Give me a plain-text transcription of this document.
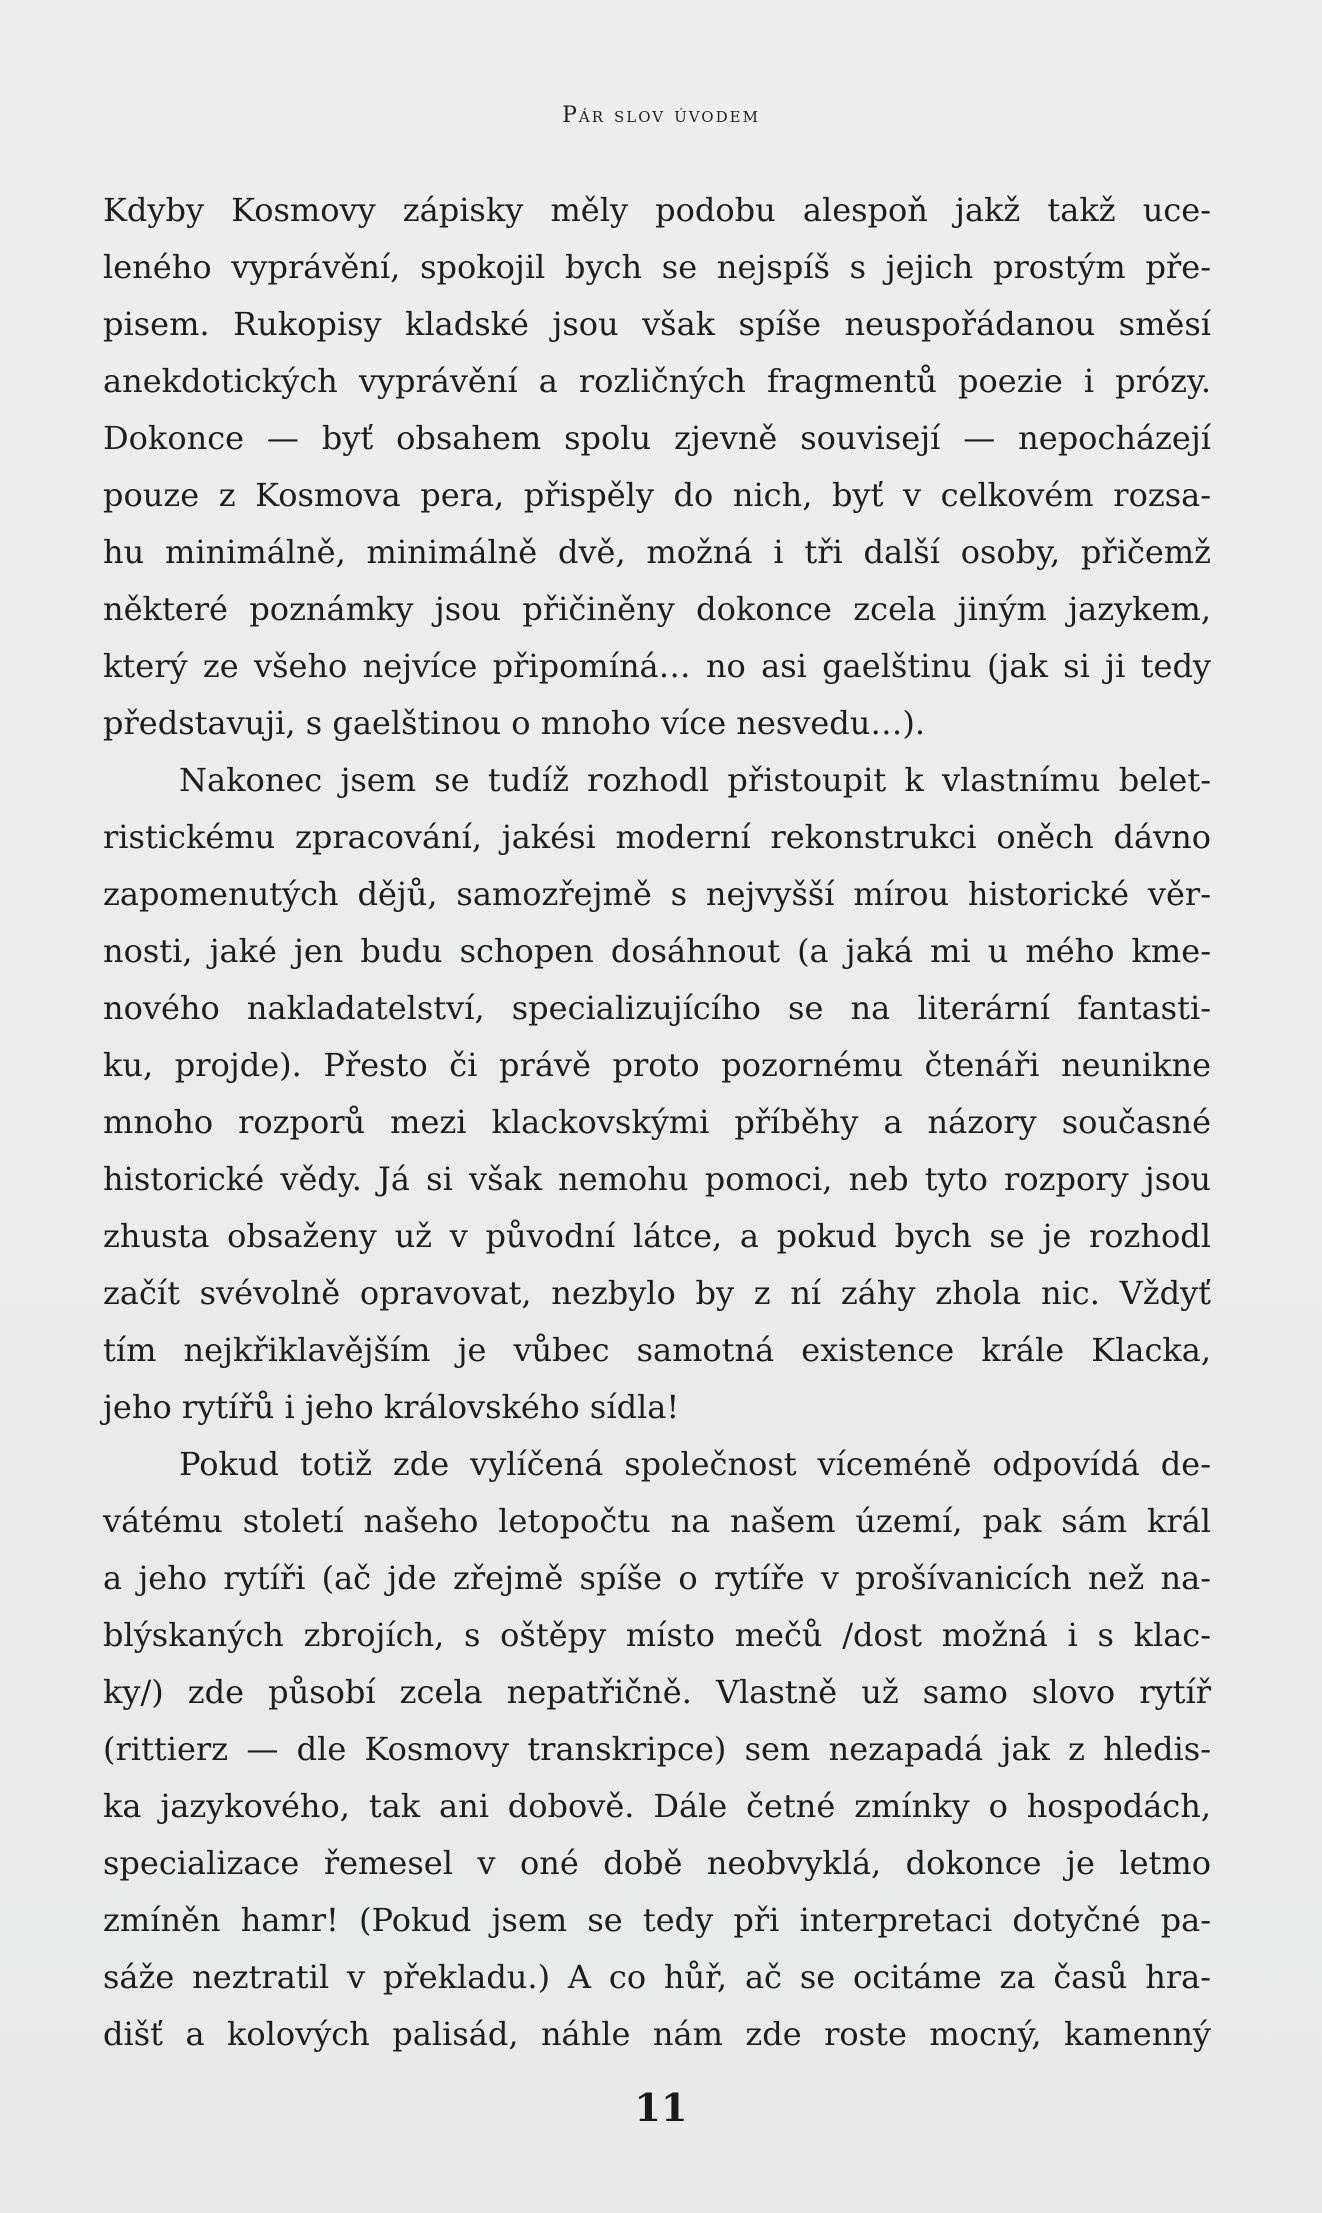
Pár slov úvodem
Kdyby Kosmovy zápisky měly podobu alespoň jakž takž uce-
leného vyprávění, spokojil bych se nejspíš s jejich prostým pře-
pisem. Rukopisy kladské jsou však spíše neuspořádanou směsí
anekdotických vyprávění a rozličných fragmentů poezie i prózy.
Dokonce — byť obsahem spolu zjevně souvisejí — nepocházejí
pouze z Kosmova pera, přispěly do nich, byť v celkovém rozsa-
hu minimálně, minimálně dvě, možná i tři další osoby, přičemž
některé poznámky jsou přičiněny dokonce zcela jiným jazykem,
který ze všeho nejvíce připomíná… no asi gaelštinu (jak si ji tedy
představuji, s gaelštinou o mnoho více nesvedu…).
Nakonec jsem se tudíž rozhodl přistoupit k vlastnímu belet-
ristickému zpracování, jakési moderní rekonstrukci oněch dávno
zapomenutých dějů, samozřejmě s nejvyšší mírou historické věr-
nosti, jaké jen budu schopen dosáhnout (a jaká mi u mého kme-
nového nakladatelství, specializujícího se na literární fantasti-
ku, projde). Přesto či právě proto pozornému čtenáři neunikne
mnoho rozporů mezi klackovskými příběhy a názory současné
historické vědy. Já si však nemohu pomoci, neb tyto rozpory jsou
zhusta obsaženy už v původní látce, a pokud bych se je rozhodl
začít svévolně opravovat, nezbylo by z ní záhy zhola nic. Vždyť
tím nejkřiklavějším je vůbec samotná existence krále Klacka,
jeho rytířů i jeho královského sídla!
Pokud totiž zde vylíčená společnost víceméně odpovídá de-
vátému století našeho letopočtu na našem území, pak sám král
a jeho rytíři (ač jde zřejmě spíše o rytíře v prošívanicích než na-
blýskaných zbrojích, s oštěpy místo mečů /dost možná i s klac-
ky/) zde působí zcela nepatřičně. Vlastně už samo slovo rytíř
(rittierz — dle Kosmovy transkripce) sem nezapadá jak z hledis-
ka jazykového, tak ani dobově. Dále četné zmínky o hospodách,
specializace řemesel v oné době neobvyklá, dokonce je letmo
zmíněn hamr! (Pokud jsem se tedy při interpretaci dotyčné pa-
sáže neztratil v překladu.) A co hůř, ač se ocitáme za časů hra-
dišť a kolových palisád, náhle nám zde roste mocný, kamenný
11
